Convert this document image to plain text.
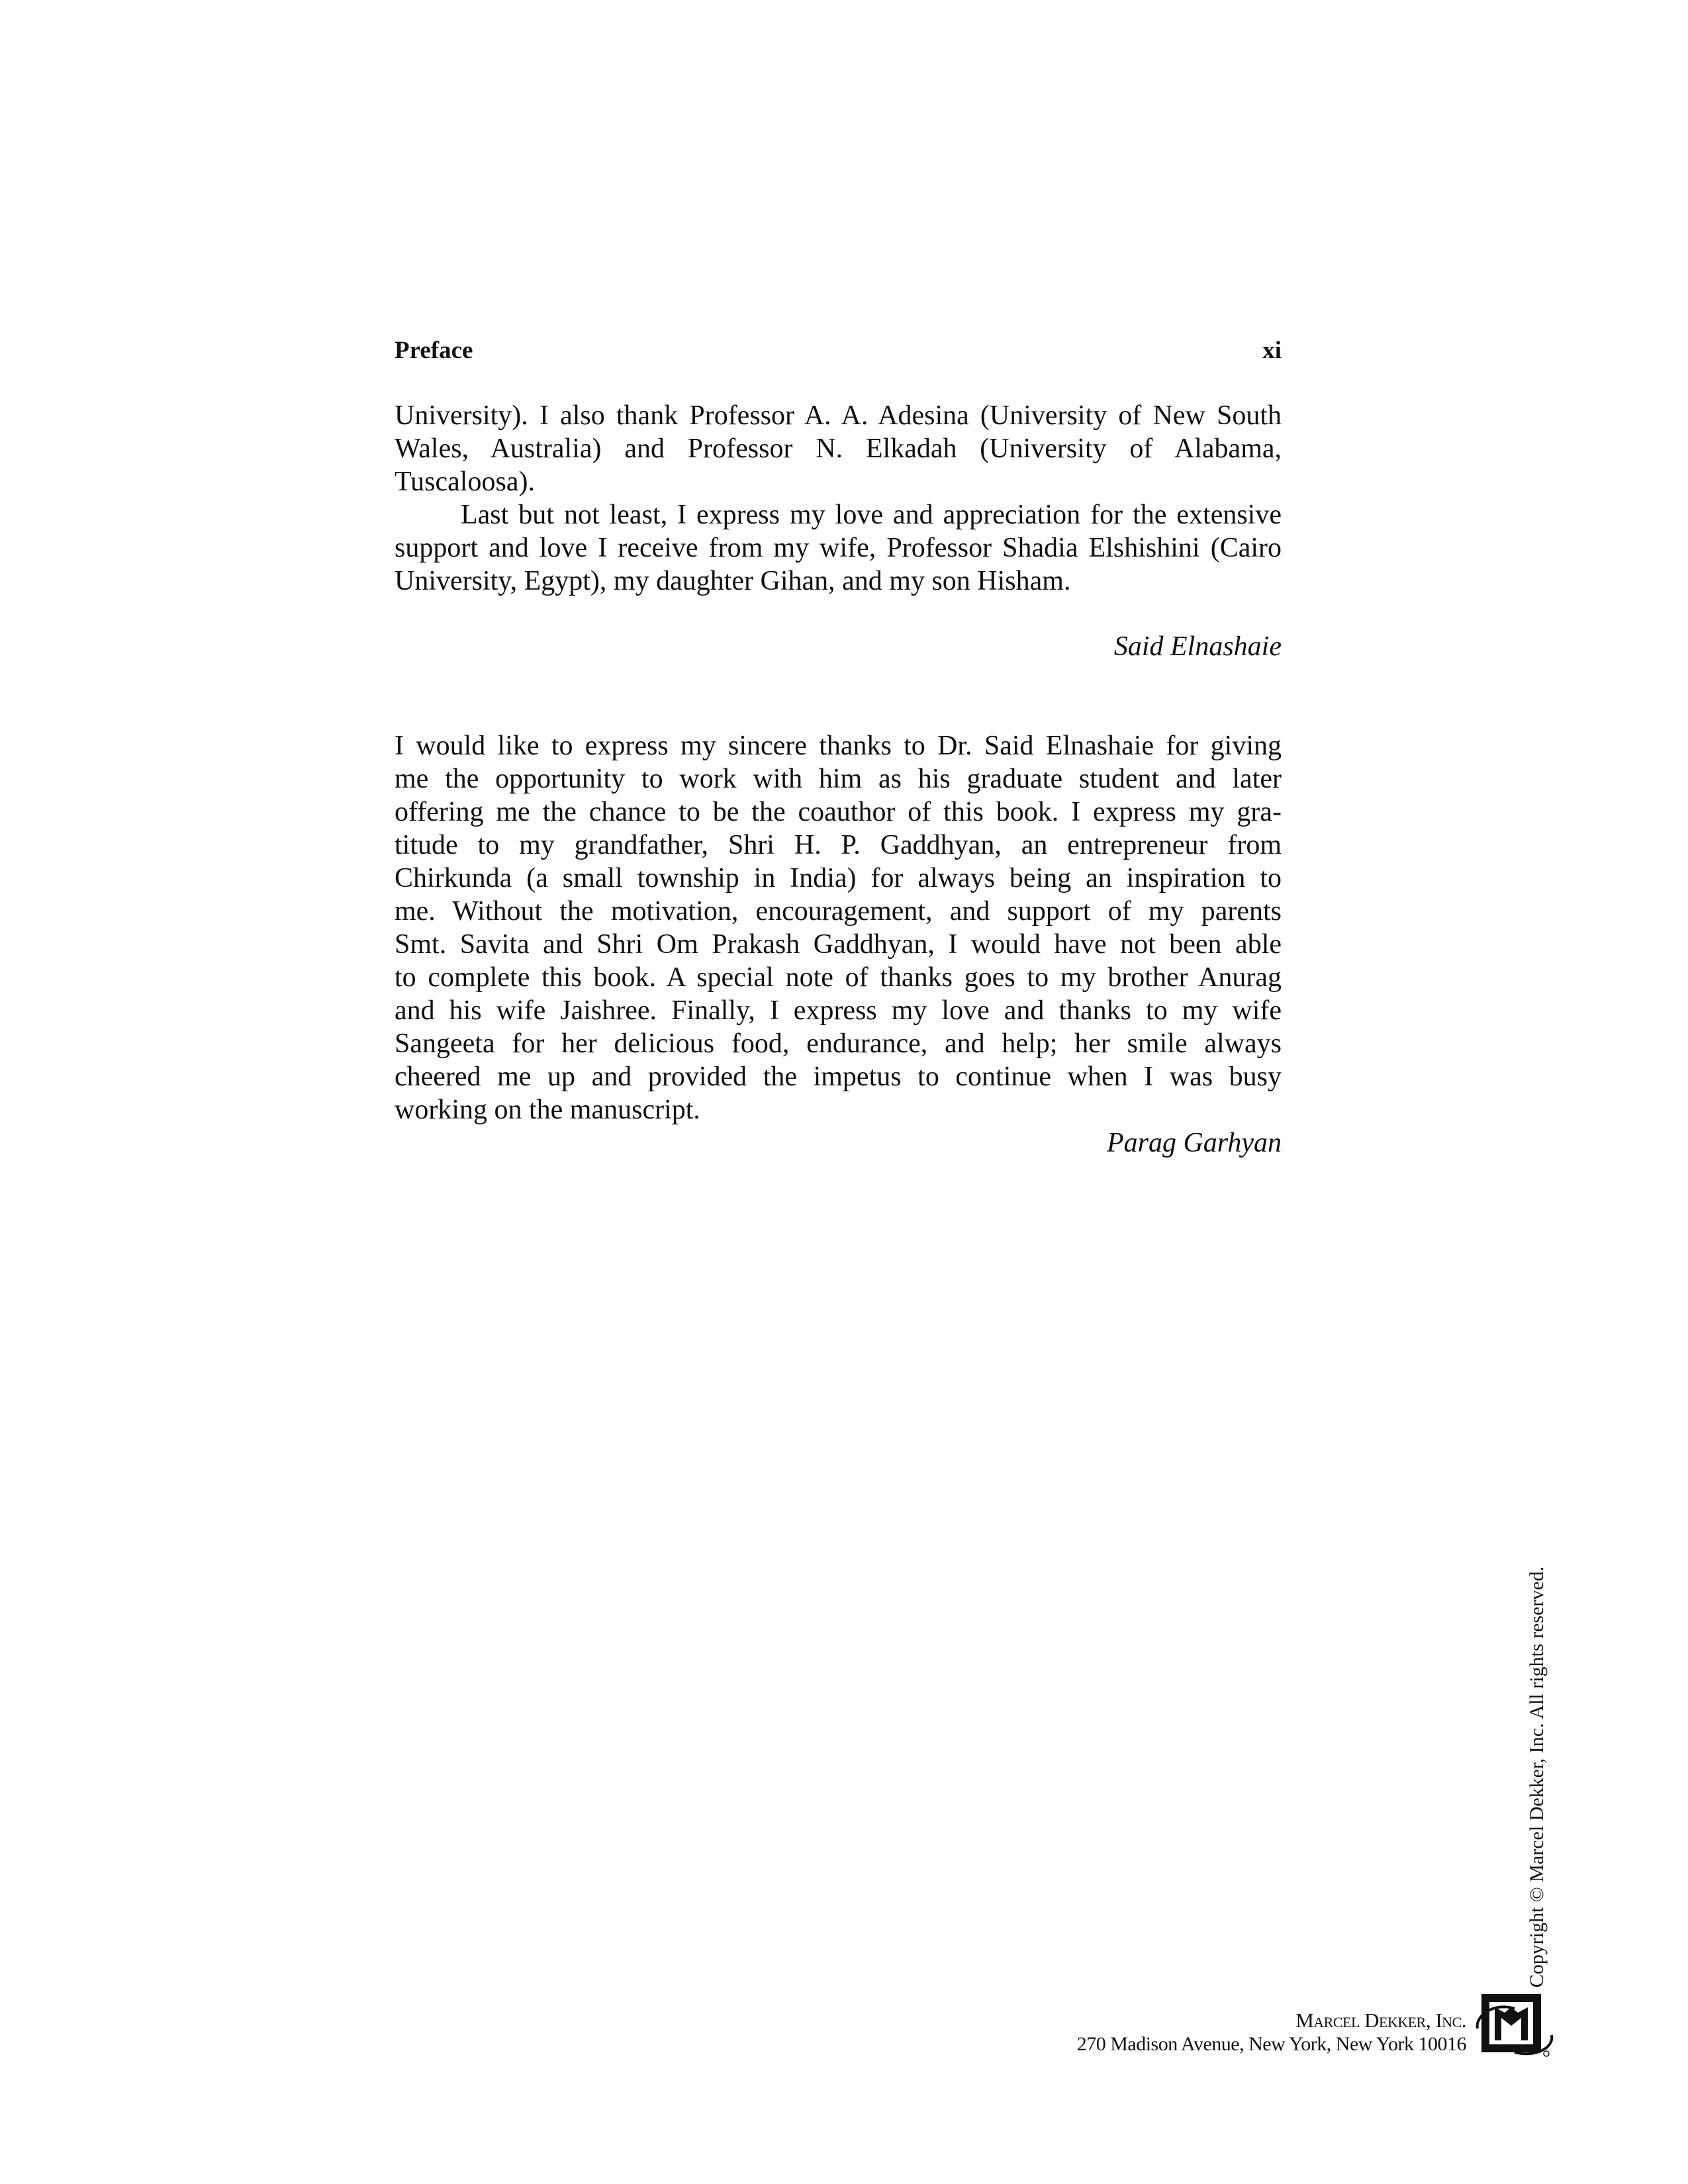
Preface	xi
University). I also thank Professor A. A. Adesina (University of New South
Wales, Australia) and Professor N. Elkadah (University of Alabama,
Tuscaloosa).
Last but not least, I express my love and appreciation for the extensive
support and love I receive from my wife, Professor Shadia Elshishini (Cairo
University, Egypt), my daughter Gihan, and my son Hisham.
Said Elnashaie
I would like to express my sincere thanks to Dr. Said Elnashaie for giving
me the opportunity to work with him as his graduate student and later
offering me the chance to be the coauthor of this book. I express my gra-
titude to my grandfather, Shri H. P. Gaddhyan, an entrepreneur from
Chirkunda (a small township in India) for always being an inspiration to
me. Without the motivation, encouragement, and support of my parents
Smt. Savita and Shri Om Prakash Gaddhyan, I would have not been able
to complete this book. A special note of thanks goes to my brother Anurag
and his wife Jaishree. Finally, I express my love and thanks to my wife
Sangeeta for her delicious food, endurance, and help; her smile always
cheered me up and provided the impetus to continue when I was busy
working on the manuscript.
Parag Garhyan
Copyright © Marcel Dekker, Inc. All rights reserved.
Marcel Dekker, Inc.
270 Madison Avenue, New York, New York 10016
